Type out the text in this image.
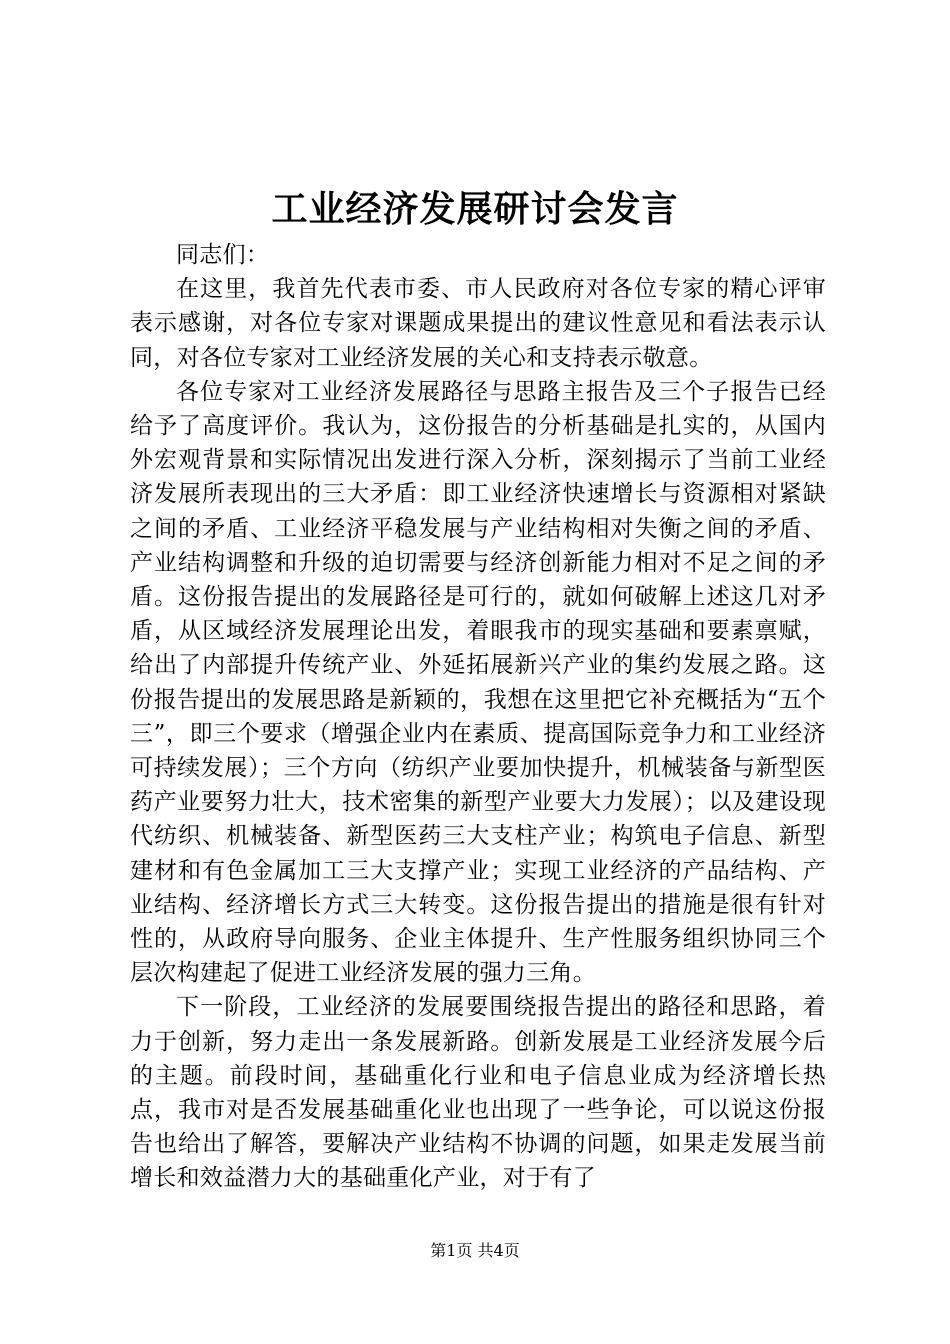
工业经济发展研讨会发言

同志们：

在这里，我首先代表市委、市人民政府对各位专家的精心评审表示感谢，对各位专家对课题成果提出的建议性意见和看法表示认同，对各位专家对工业经济发展的关心和支持表示敬意。

各位专家对工业经济发展路径与思路主报告及三个子报告已经给予了高度评价。我认为，这份报告的分析基础是扎实的，从国内外宏观背景和实际情况出发进行深入分析，深刻揭示了当前工业经济发展所表现出的三大矛盾：即工业经济快速增长与资源相对紧缺之间的矛盾、工业经济平稳发展与产业结构相对失衡之间的矛盾、产业结构调整和升级的迫切需要与经济创新能力相对不足之间的矛盾。这份报告提出的发展路径是可行的，就如何破解上述这几对矛盾，从区域经济发展理论出发，着眼我市的现实基础和要素禀赋，给出了内部提升传统产业、外延拓展新兴产业的集约发展之路。这份报告提出的发展思路是新颖的，我想在这里把它补充概括为“五个三”，即三个要求（增强企业内在素质、提高国际竞争力和工业经济可持续发展）；三个方向（纺织产业要加快提升，机械装备与新型医药产业要努力壮大，技术密集的新型产业要大力发展）；以及建设现代纺织、机械装备、新型医药三大支柱产业；构筑电子信息、新型建材和有色金属加工三大支撑产业；实现工业经济的产品结构、产业结构、经济增长方式三大转变。这份报告提出的措施是很有针对性的，从政府导向服务、企业主体提升、生产性服务组织协同三个层次构建起了促进工业经济发展的强力三角。

下一阶段，工业经济的发展要围绕报告提出的路径和思路，着力于创新，努力走出一条发展新路。创新发展是工业经济发展今后的主题。前段时间，基础重化行业和电子信息业成为经济增长热点，我市对是否发展基础重化业也出现了一些争论，可以说这份报告也给出了解答，要解决产业结构不协调的问题，如果走发展当前增长和效益潜力大的基础重化产业，对于有了

第1页 共4页
